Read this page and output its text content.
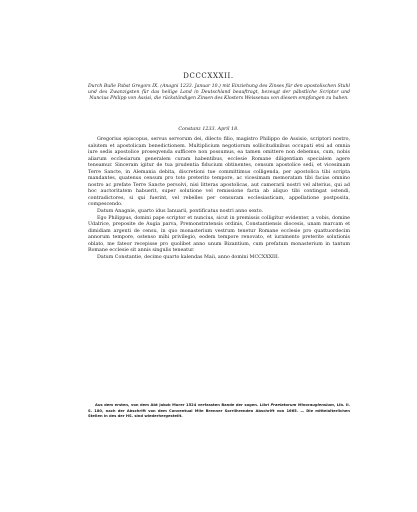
DCCCXXXII.
Durch Bulle Pabst Gregors IX. (Anagni 1233. Januar 10.) mit Einziehung des Zinses für den apostolischen Stuhl und des Zwanzigsten für das heilige Land in Deutschland beauftragt, bezeugt der päbstliche Scriptor und Nuncius Philipp von Assisi, die rückständigen Zinsen des Klosters Weissenau von diesem empfangen zu haben.
Constanz 1233. April 18.

Gregorius episcopus, servus servorum dei, dilecto filio, magistro Philippo de Assisio, scriptori nostro, salutem et apostolicam benedictionem. Multiplicium negotiorum sollicitudinibus occupati etsi ad omnia iure sedis apostolice proseqvenda sufficere non possumus, ea tamen omittere non debemus, cum, nobis aliarum ecclesiarum generalem curam habentibus, ecclesie Romane diligentiam specialem agere teneamur. Sinceram igitur de tua prudentia fiducium obtinentes, censum apostolice sedi, et vicesimam Terre Sancte, in Alemania debita, discretioni tue committimus colligenda, per apostolica tibi scripta mandantes, quatenus censum pro toto preterito tempore, ac vicesimam memoratam tibi facias omnino nostro ac prefate Terre Sancte persolvi, nisi litteras apostolicas, aut camerarii nostri vel alterius, qui ad hoc auctoritatem habuerit, super solutione vel remissione facta ab aliquo tibi contingat ostendi, contradictores, si qui fuerint, vel rebelles per censuram ecclesiasticam, appellatione postposita, compescendo.

Datum Anagnie, quarto idus Ianuarii, pontificatus nostri anno sexto.

Ego Philippus, domini pape scriptor et nuncius, sicut in premissis colligitur evidenter, a vobis, domine Udalrice, preposite de Augia parva, Premonstratensis ordinis, Constantiensis diocesis, unam marcam et dimidiam argenti de censu, in quo monasterium vestrum tenetur Romane ecclesie pro quattuordecim annorum tempore, ostenso mihi privilegio, eodem tempore renovato, et iuramento preterite solutionis oblato, me fateor recepisse pro quolibet anno unum Bizantium, cum prefatum monasterium in tantum Romane ecclesie sit annis singulis teneatur.

Datum Constantie, decimo quarto kalendas Maii, anno domini MCCXXXIII.

Aus dem ersten, von dem Abt Jakob Murer 1524 verfassten Bande der sogen. Libri Praelatorum Minoraugiensium, Lib. II. S. 180, nach der Abschrift von dem Conventual Mile Brenner Sorrlihrenden Abschrift von 1665. — Die mittelalterlichen Stellen in des der HS. sind wiederhergestellt.
